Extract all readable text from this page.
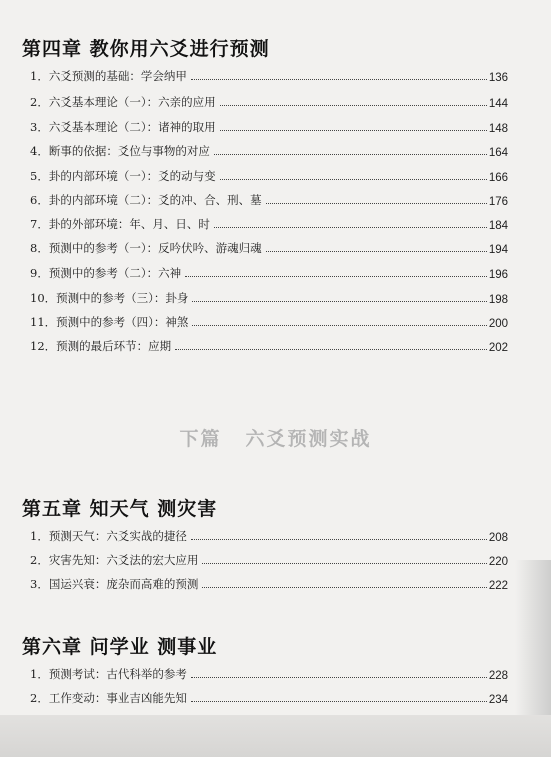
第四章 教你用六爻进行预测
1．六爻预测的基础：学会纳甲	136
2．六爻基本理论（一）：六亲的应用	144
3．六爻基本理论（二）：诸神的取用	148
4．断事的依据：爻位与事物的对应	164
5．卦的内部环境（一）：爻的动与变	166
6．卦的内部环境（二）：爻的冲、合、刑、墓	176
7．卦的外部环境：年、月、日、时	184
8．预测中的参考（一）：反吟伏吟、游魂归魂	194
9．预测中的参考（二）：六神	196
10．预测中的参考（三）：卦身	198
11．预测中的参考（四）：神煞	200
12．预测的最后环节：应期	202
下篇 六爻预测实战
第五章 知天气 测灾害
1．预测天气：六爻实战的捷径	208
2．灾害先知：六爻法的宏大应用	220
3．国运兴衰：庞杂而高难的预测	222
第六章 问学业 测事业
1．预测考试：古代科举的参考	228
2．工作变动：事业吉凶能先知	234
